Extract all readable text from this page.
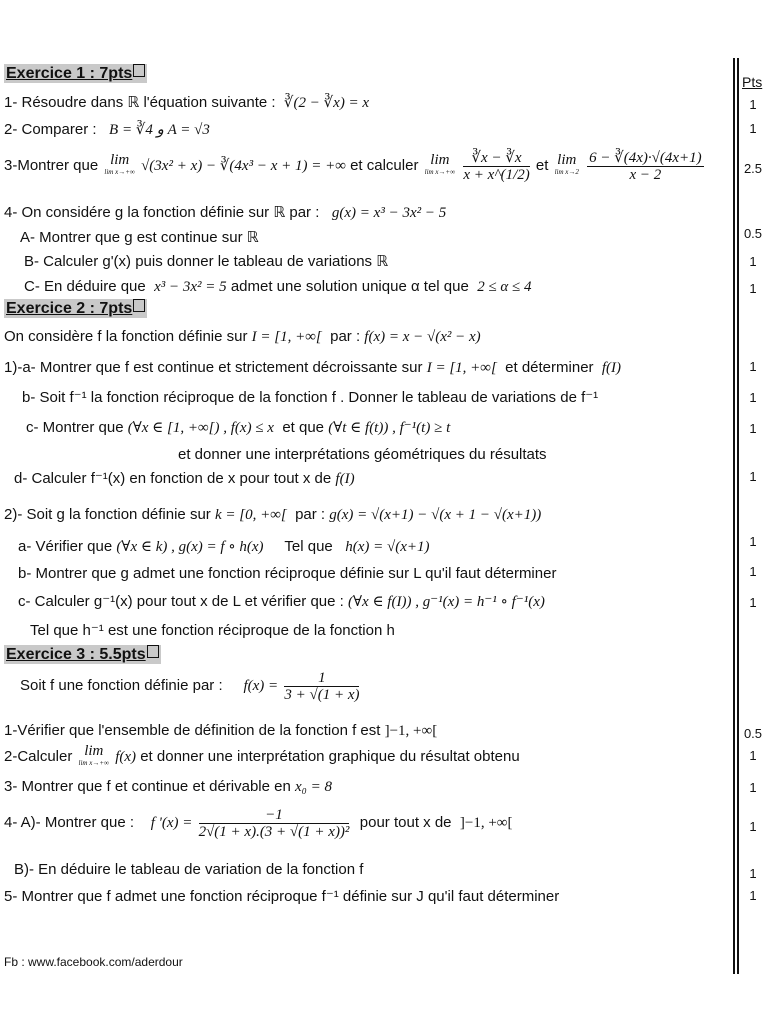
Pts
Exercice 1 : 7pts
1- Résoudre dans ℝ l'équation suivante : ∛(2 − ∛x) = x
2- Comparer : B = ∛4 و A = √3
3-Montrer que lim
lim x→+∞ √(3x² + x) − ∛(4x³ − x + 1) = +∞ et calculer lim
lim x→+∞
$\frac{∛x - ∛x}{x + x\^{}(1/2)}$ et lim
lim x→2
$\frac{6 - ∛(4x)\cdot√(4x+1)}{x - 2}$
4- On considére g la fonction définie sur ℝ par : g(x) = x³ − 3x² − 5
A- Montrer que g est continue sur ℝ
B- Calculer g'(x) puis donner le tableau de variations ℝ
C- En déduire que x³ − 3x² = 5 admet une solution unique α tel que 2 ≤ α ≤ 4
Exercice 2 : 7pts
On considère f la fonction définie sur I = [1, +∞[ par : f(x) = x − √(x² − x)
1)-a- Montrer que f est continue et strictement décroissante sur I = [1, +∞[ et déterminer f(I)
b- Soit f⁻¹ la fonction réciproque de la fonction f . Donner le tableau de variations de f⁻¹
c- Montrer que (∀x ∈ [1, +∞[) , f(x) ≤ x et que (∀t ∈ f(t)) , f⁻¹(t) ≥ t
et donner une interprétations géométriques du résultats
d- Calculer f⁻¹(x) en fonction de x pour tout x de f(I)
2)- Soit g la fonction définie sur k = [0, +∞[ par : g(x) = √(x+1) − √(x + 1 − √(x+1))
a- Vérifier que (∀x ∈ k) , g(x) = f ∘ h(x) Tel que h(x) = √(x+1)
b- Montrer que g admet une fonction réciproque définie sur L qu'il faut déterminer
c- Calculer g⁻¹(x) pour tout x de L et vérifier que : (∀x ∈ f(I)) , g⁻¹(x) = h⁻¹ ∘ f⁻¹(x)
Tel que h⁻¹ est une fonction réciproque de la fonction h
Exercice 3 : 5.5pts
Soit f une fonction définie par : $f(x) = \frac{1}{3 + √(1 + x)}$
1-Vérifier que l'ensemble de définition de la fonction f est ]−1, +∞[
2-Calculer lim
lim x→+∞ f(x) et donner une interprétation graphique du résultat obtenu
3- Montrer que f et continue et dérivable en x₀ = 8
4- A)- Montrer que : f '$(x) = \frac{-1}{\text{2√(1 + x).(3 + √(1 + x))²}}$ pour tout x de ]−1, +∞[
B)- En déduire le tableau de variation de la fonction f
5- Montrer que f admet une fonction réciproque f⁻¹ définie sur J qu'il faut déterminer
1
1
2.5
0.5
1
1
1
1
1
1
1
1
1
0.5
1
1
1
1
1
Fb : www.facebook.com/aderdour
